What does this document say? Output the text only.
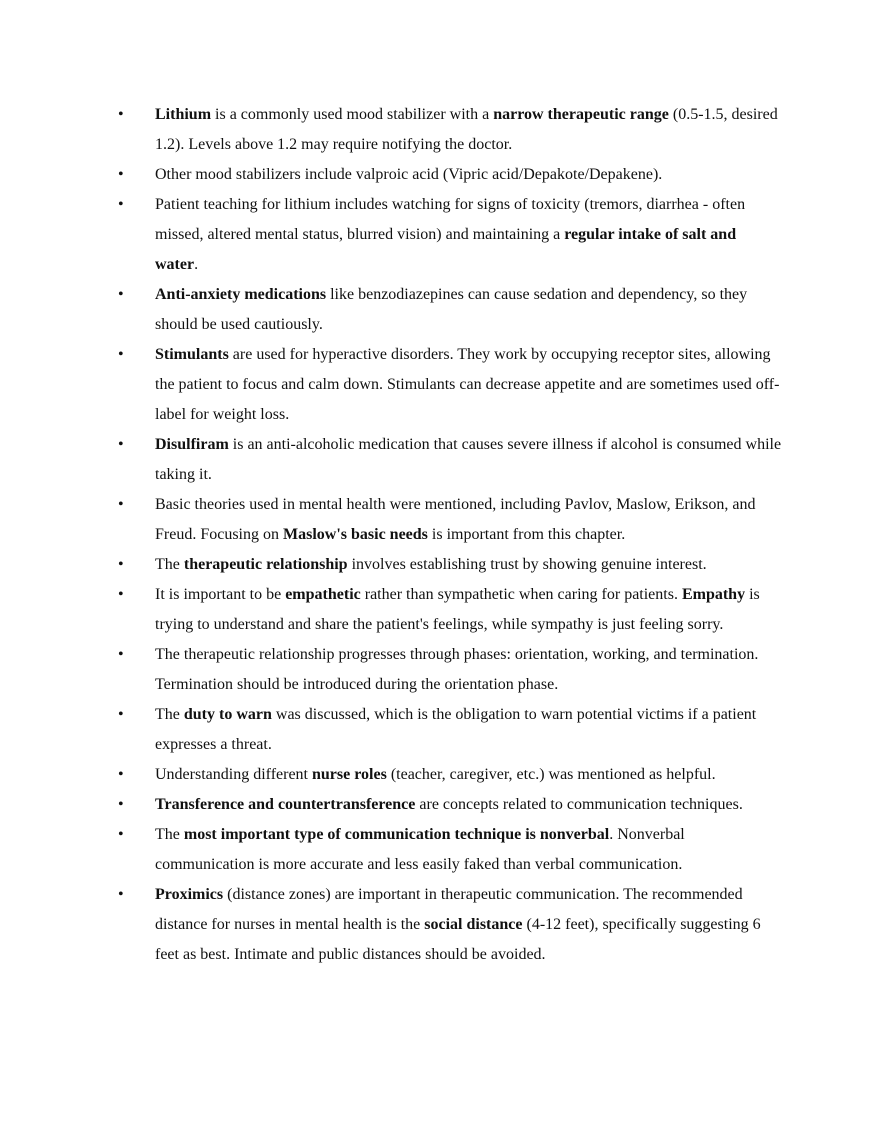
• Lithium is a commonly used mood stabilizer with a narrow therapeutic range (0.5-1.5, desired 1.2). Levels above 1.2 may require notifying the doctor.
• Other mood stabilizers include valproic acid (Vipric acid/Depakote/Depakene).
• Patient teaching for lithium includes watching for signs of toxicity (tremors, diarrhea - often missed, altered mental status, blurred vision) and maintaining a regular intake of salt and water.
• Anti-anxiety medications like benzodiazepines can cause sedation and dependency, so they should be used cautiously.
• Stimulants are used for hyperactive disorders. They work by occupying receptor sites, allowing the patient to focus and calm down. Stimulants can decrease appetite and are sometimes used off-label for weight loss.
• Disulfiram is an anti-alcoholic medication that causes severe illness if alcohol is consumed while taking it.
• Basic theories used in mental health were mentioned, including Pavlov, Maslow, Erikson, and Freud. Focusing on Maslow's basic needs is important from this chapter.
• The therapeutic relationship involves establishing trust by showing genuine interest.
• It is important to be empathetic rather than sympathetic when caring for patients. Empathy is trying to understand and share the patient's feelings, while sympathy is just feeling sorry.
• The therapeutic relationship progresses through phases: orientation, working, and termination. Termination should be introduced during the orientation phase.
• The duty to warn was discussed, which is the obligation to warn potential victims if a patient expresses a threat.
• Understanding different nurse roles (teacher, caregiver, etc.) was mentioned as helpful.
• Transference and countertransference are concepts related to communication techniques.
• The most important type of communication technique is nonverbal. Nonverbal communication is more accurate and less easily faked than verbal communication.
• Proximics (distance zones) are important in therapeutic communication. The recommended distance for nurses in mental health is the social distance (4-12 feet), specifically suggesting 6 feet as best. Intimate and public distances should be avoided.
